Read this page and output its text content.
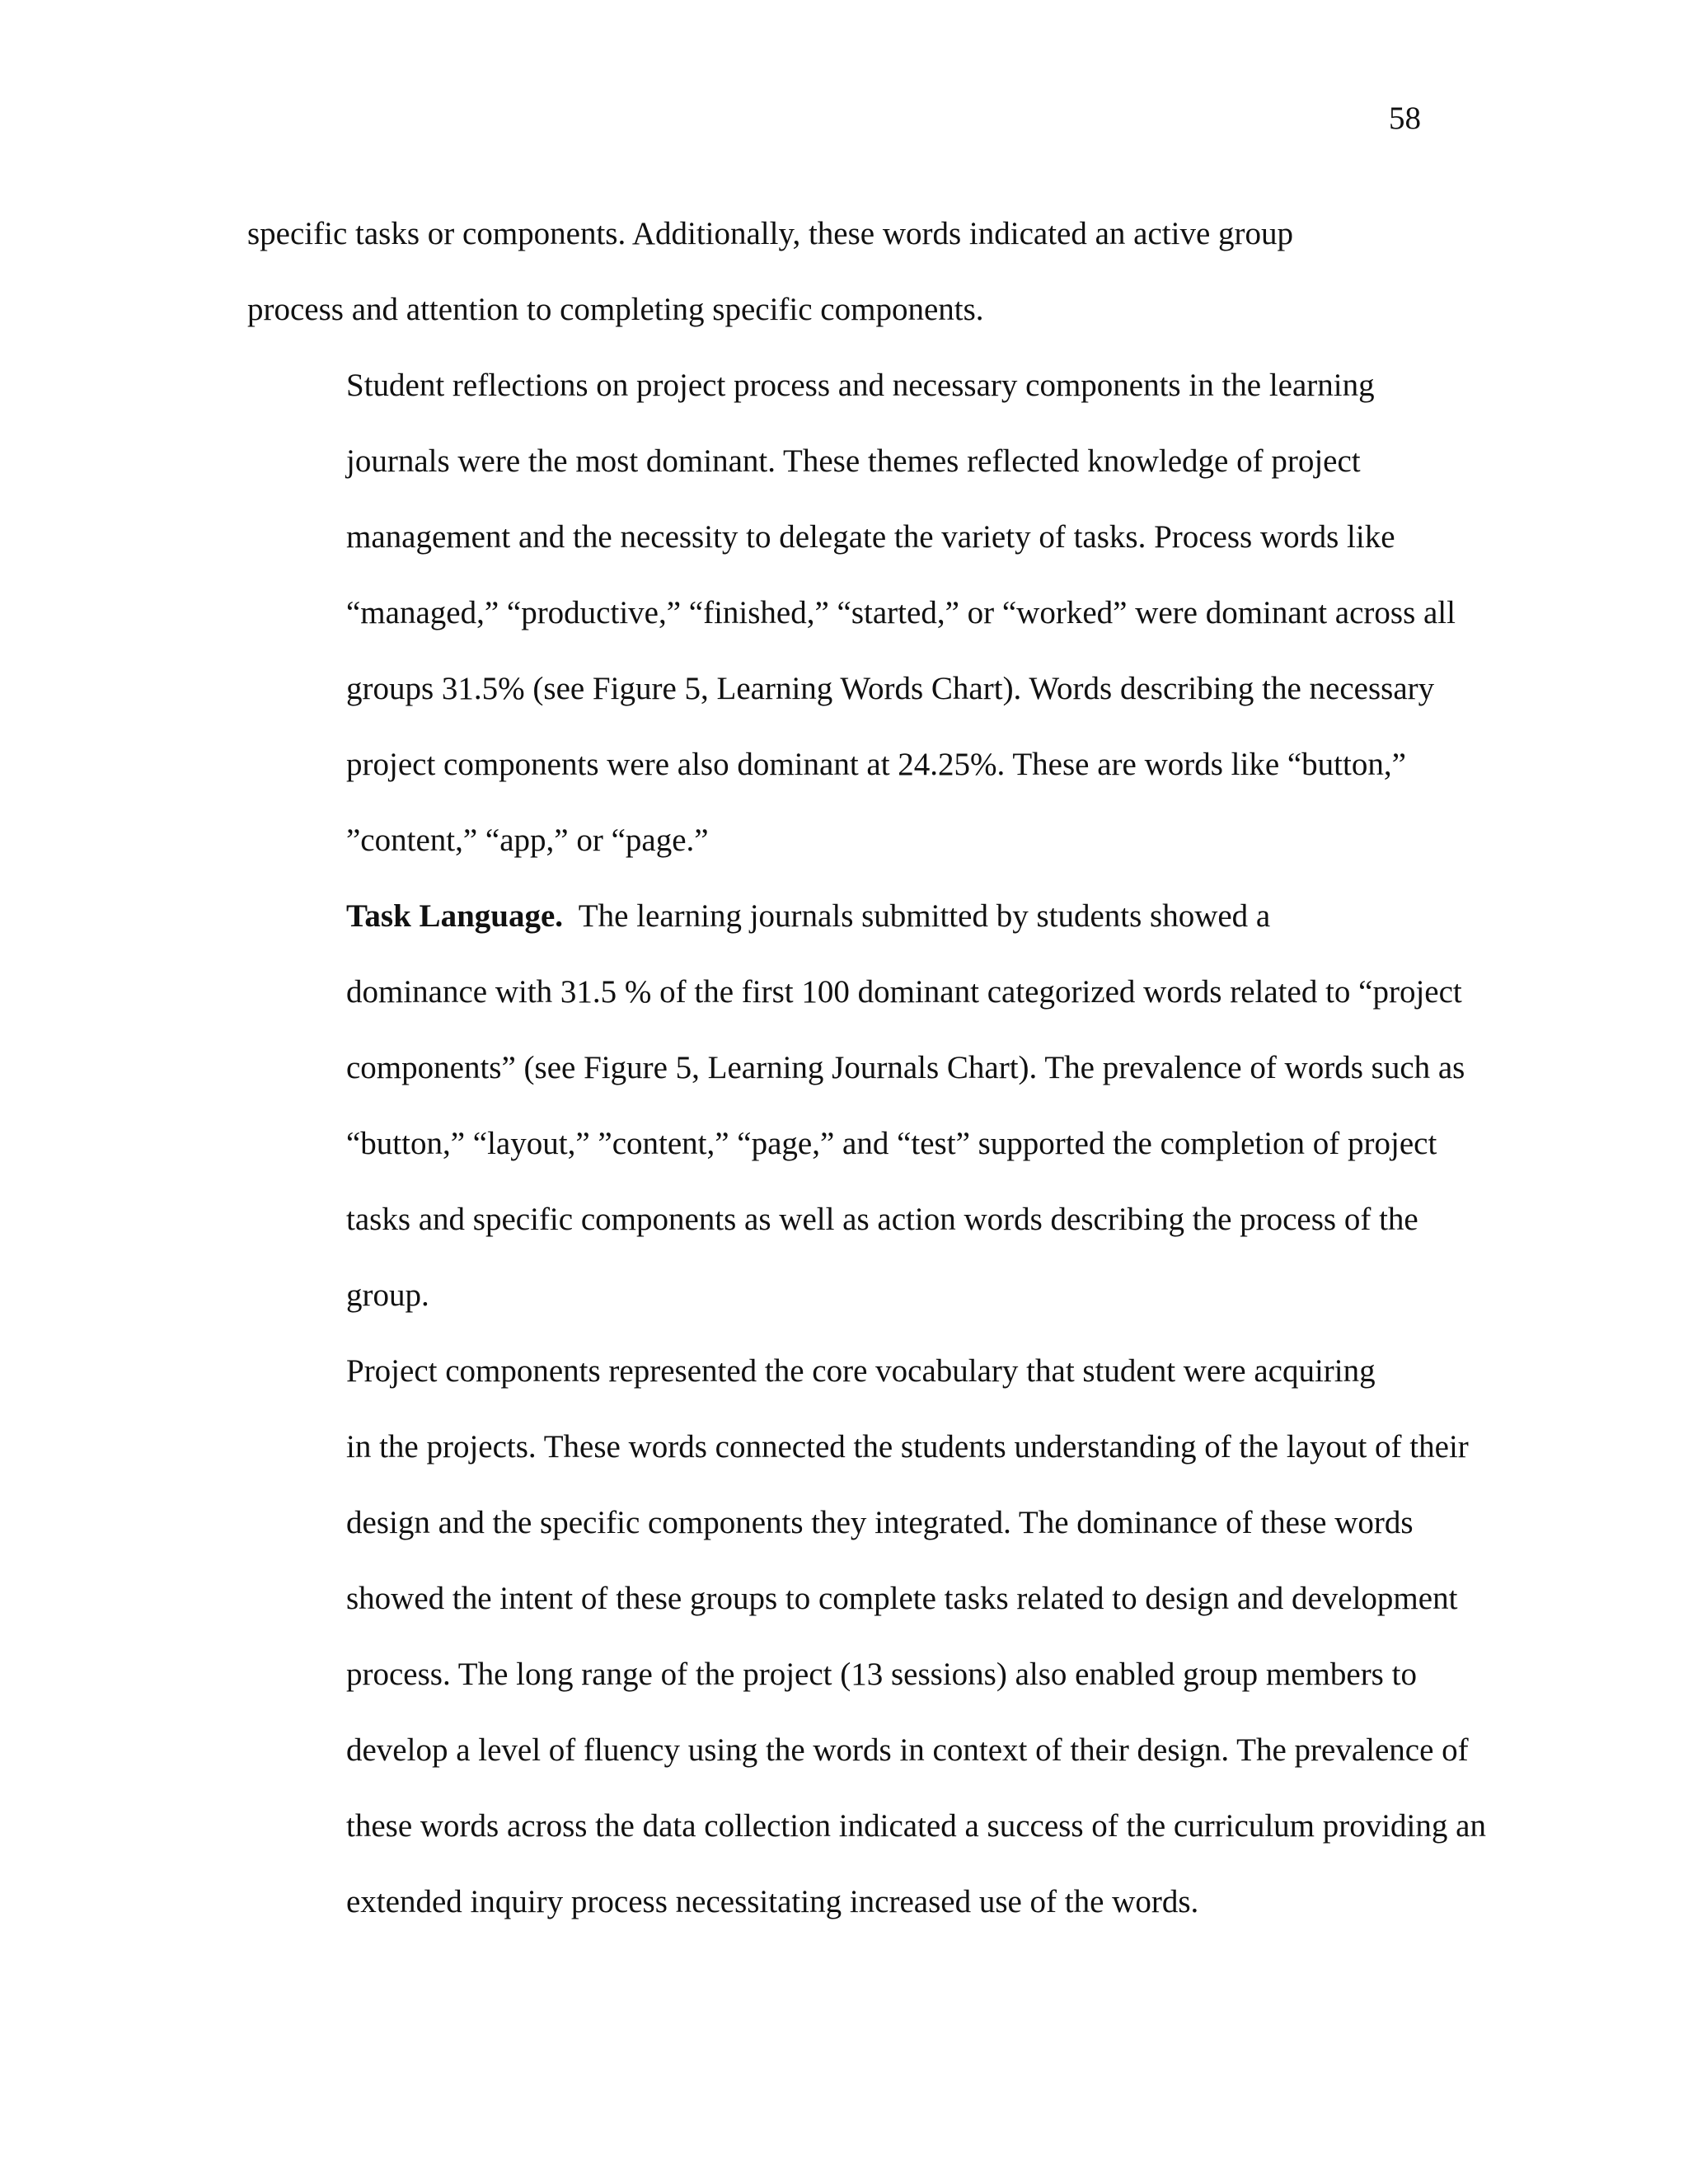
58

specific tasks or components. Additionally, these words indicated an active group
process and attention to completing specific components.

Student reflections on project process and necessary components in the learning
journals were the most dominant. These themes reflected knowledge of project
management and the necessity to delegate the variety of tasks. Process words like
“managed,” “productive,” “finished,” “started,” or “worked” were dominant across all
groups 31.5% (see Figure 5, Learning Words Chart). Words describing the necessary
project components were also dominant at 24.25%. These are words like “button,”
”content,” “app,” or “page.”

Task Language.  The learning journals submitted by students showed a
dominance with 31.5 % of the first 100 dominant categorized words related to “project
components” (see Figure 5, Learning Journals Chart). The prevalence of words such as
“button,” “layout,” ”content,” “page,” and “test” supported the completion of project
tasks and specific components as well as action words describing the process of the
group.

Project components represented the core vocabulary that student were acquiring
in the projects. These words connected the students understanding of the layout of their
design and the specific components they integrated. The dominance of these words
showed the intent of these groups to complete tasks related to design and development
process. The long range of the project (13 sessions) also enabled group members to
develop a level of fluency using the words in context of their design. The prevalence of
these words across the data collection indicated a success of the curriculum providing an
extended inquiry process necessitating increased use of the words.
